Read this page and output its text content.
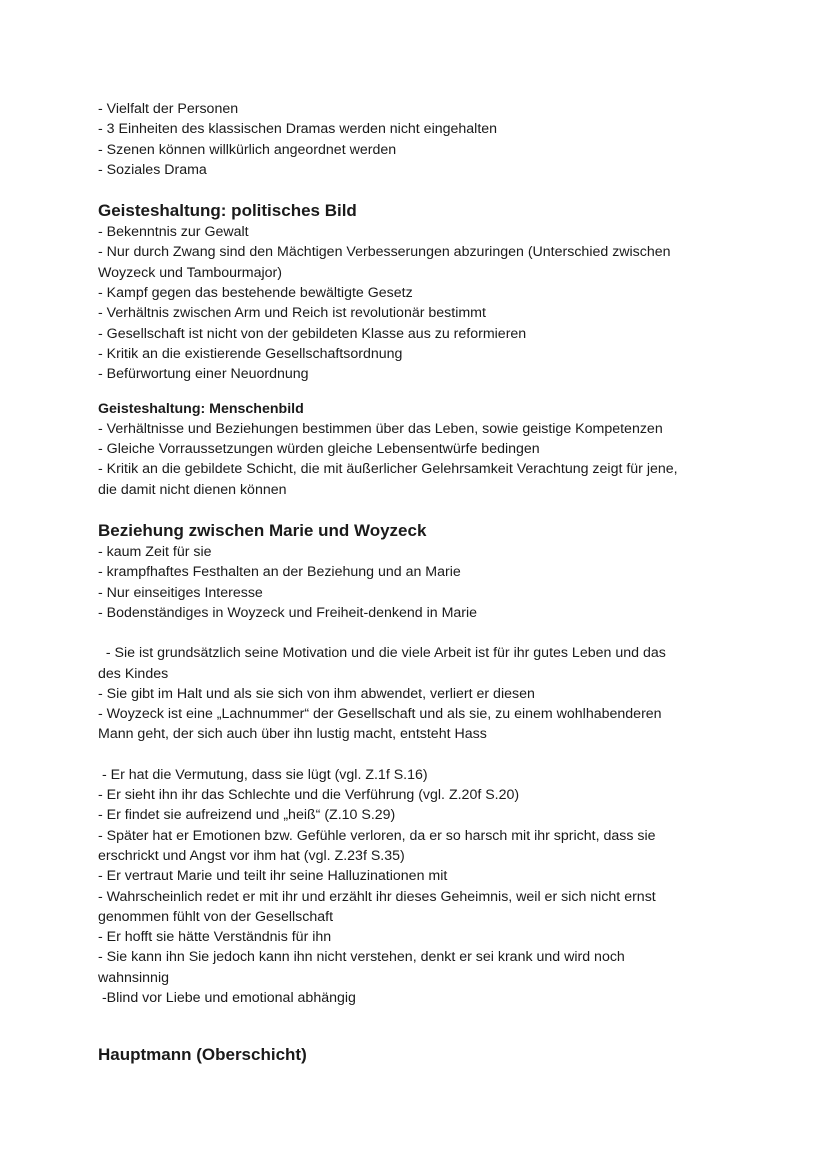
- Vielfalt der Personen
- 3 Einheiten des klassischen Dramas werden nicht eingehalten
- Szenen können willkürlich angeordnet werden
- Soziales Drama
Geisteshaltung: politisches Bild
- Bekenntnis zur Gewalt
- Nur durch Zwang sind den Mächtigen Verbesserungen abzuringen (Unterschied zwischen
Woyzeck und Tambourmajor)
- Kampf gegen das bestehende bewältigte Gesetz
- Verhältnis zwischen Arm und Reich ist revolutionär bestimmt
- Gesellschaft ist nicht von der gebildeten Klasse aus zu reformieren
- Kritik an die existierende Gesellschaftsordnung
- Befürwortung einer Neuordnung
Geisteshaltung: Menschenbild
- Verhältnisse und Beziehungen bestimmen über das Leben, sowie geistige Kompetenzen
- Gleiche Vorraussetzungen würden gleiche Lebensentwürfe bedingen
- Kritik an die gebildete Schicht, die mit äußerlicher Gelehrsamkeit Verachtung zeigt für jene,
die damit nicht dienen können
Beziehung zwischen Marie und Woyzeck
- kaum Zeit für sie
- krampfhaftes Festhalten an der Beziehung und an Marie
- Nur einseitiges Interesse
- Bodenständiges in Woyzeck und Freiheit-denkend in Marie
- Sie ist grundsätzlich seine Motivation und die viele Arbeit ist für ihr gutes Leben und das
des Kindes
- Sie gibt im Halt und als sie sich von ihm abwendet, verliert er diesen
- Woyzeck ist eine „Lachnummer“ der Gesellschaft und als sie, zu einem wohlhabenderen
Mann geht, der sich auch über ihn lustig macht, entsteht Hass
- Er hat die Vermutung, dass sie lügt (vgl. Z.1f S.16)
- Er sieht ihn ihr das Schlechte und die Verführung (vgl. Z.20f S.20)
- Er findet sie aufreizend und „heiß“ (Z.10 S.29)
- Später hat er Emotionen bzw. Gefühle verloren, da er so harsch mit ihr spricht, dass sie
erschrickt und Angst vor ihm hat (vgl. Z.23f S.35)
- Er vertraut Marie und teilt ihr seine Halluzinationen mit
- Wahrscheinlich redet er mit ihr und erzählt ihr dieses Geheimnis, weil er sich nicht ernst
genommen fühlt von der Gesellschaft
- Er hofft sie hätte Verständnis für ihn
- Sie kann ihn Sie jedoch kann ihn nicht verstehen, denkt er sei krank und wird noch
wahnsinnig
-Blind vor Liebe und emotional abhängig
Hauptmann (Oberschicht)
